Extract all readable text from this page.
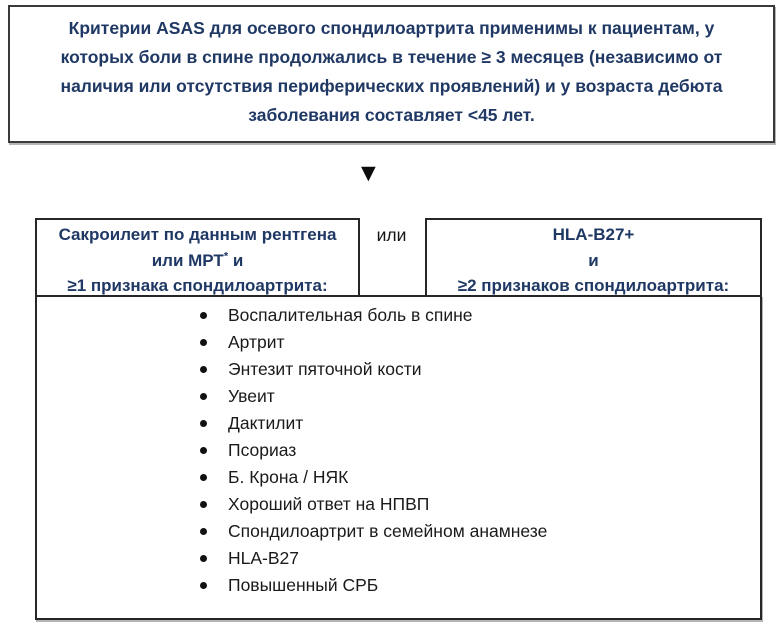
Критерии ASAS для осевого спондилоартрита применимы к пациентам, у которых боли в спине продолжались в течение ≥ 3 месяцев (независимо от наличия или отсутствия периферических проявлений) и у возраста дебюта заболевания составляет <45 лет.

▼
Сакроилеит по данным рентгена
или МРТ* и
≥1 признака спондилоартрита:
или	HLA-B27+
и
≥2 признаков спондилоартрита:
Воспалительная боль в спине
Артрит
Энтезит пяточной кости
Увеит
Дактилит
Псориаз
Б. Крона / НЯК
Хороший ответ на НПВП
Спондилоартрит в семейном анамнезе
HLA-B27
Повышенный СРБ
